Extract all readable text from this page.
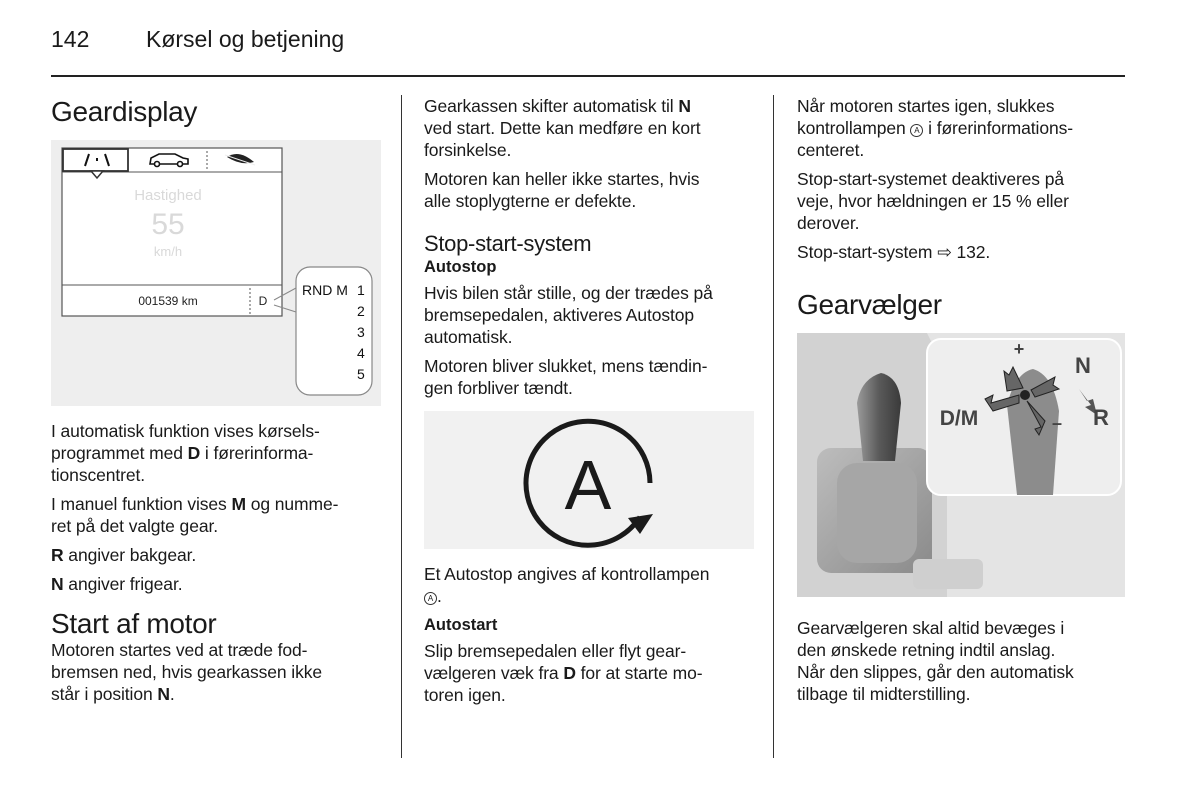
142 Kørsel og betjening
Geardisplay
Hastighed
55
km/h
001539 km	D
RND M 1
2
3
4
5

I automatisk funktion vises kørsels-
programmet med D i førerinforma-
tionscentret.

I manuel funktion vises M og numme-
ret på det valgte gear.

R angiver bakgear.

N angiver frigear.

Start af motor

Motoren startes ved at træde fod-
bremsen ned, hvis gearkassen ikke
står i position N.

Gearkassen skifter automatisk til N
ved start. Dette kan medføre en kort
forsinkelse.

Motoren kan heller ikke startes, hvis
alle stoplygterne er defekte.

Stop-start-system
Autostop

Hvis bilen står stille, og der trædes på
bremsepedalen, aktiveres Autostop
automatisk.

Motoren bliver slukket, mens tændin-
gen forbliver tændt.

A

Et Autostop angives af kontrollampen
A .

Autostart

Slip bremsepedalen eller flyt gear-
vælgeren væk fra D for at starte mo-
toren igen.

Når motoren startes igen, slukkes
kontrollampen A i førerinformations-
centeret.

Stop-start-systemet deaktiveres på
veje, hvor hældningen er 15 % eller
derover.

Stop-start-system ⇨ 132.

Gearvælger
+
–
N
R
D/M

Gearvælgeren skal altid bevæges i
den ønskede retning indtil anslag.
Når den slippes, går den automatisk
tilbage til midterstilling.
